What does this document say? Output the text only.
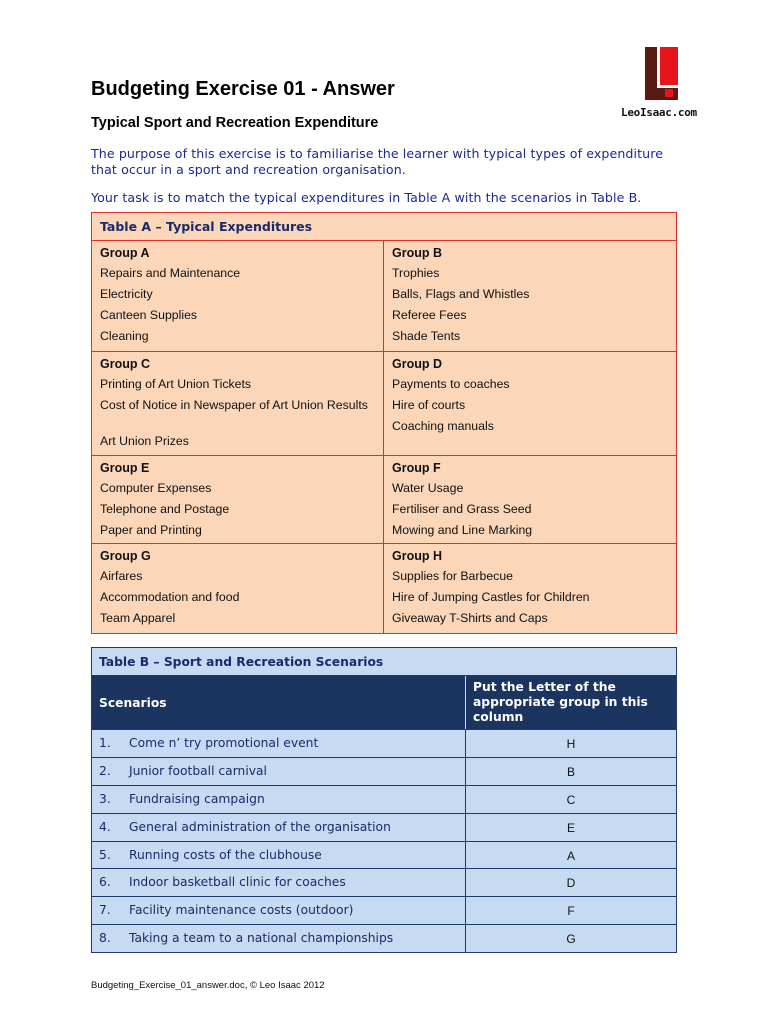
Budgeting Exercise 01 - Answer
Typical Sport and Recreation Expenditure

The purpose of this exercise is to familiarise the learner with typical types of expenditure that occur in a sport and recreation organisation.

Your task is to match the typical expenditures in Table A with the scenarios in Table B.

LeoIsaac.com
Table A – Typical Expenditures
Group A
Repairs and Maintenance
Electricity
Canteen Supplies
Cleaning
Group B
Trophies
Balls, Flags and Whistles
Referee Fees
Shade Tents
Group C
Printing of Art Union Tickets
Cost of Notice in Newspaper of Art Union Results
Art Union Prizes
Group D
Payments to coaches
Hire of courts
Coaching manuals
Group E
Computer Expenses
Telephone and Postage
Paper and Printing
Group F
Water Usage
Fertiliser and Grass Seed
Mowing and Line Marking
Group G
Airfares
Accommodation and food
Team Apparel
Group H
Supplies for Barbecue
Hire of Jumping Castles for Children
Giveaway T-Shirts and Caps
Table B – Sport and Recreation Scenarios
Scenarios
Put the Letter of the appropriate group in this column
1.	Come n’ try promotional event	H
2.	Junior football carnival	B
3.	Fundraising campaign	C
4.	General administration of the organisation	E
5.	Running costs of the clubhouse	A
6.	Indoor basketball clinic for coaches	D
7.	Facility maintenance costs (outdoor)	F
8.	Taking a team to a national championships	G

Budgeting_Exercise_01_answer.doc, © Leo Isaac 2012
